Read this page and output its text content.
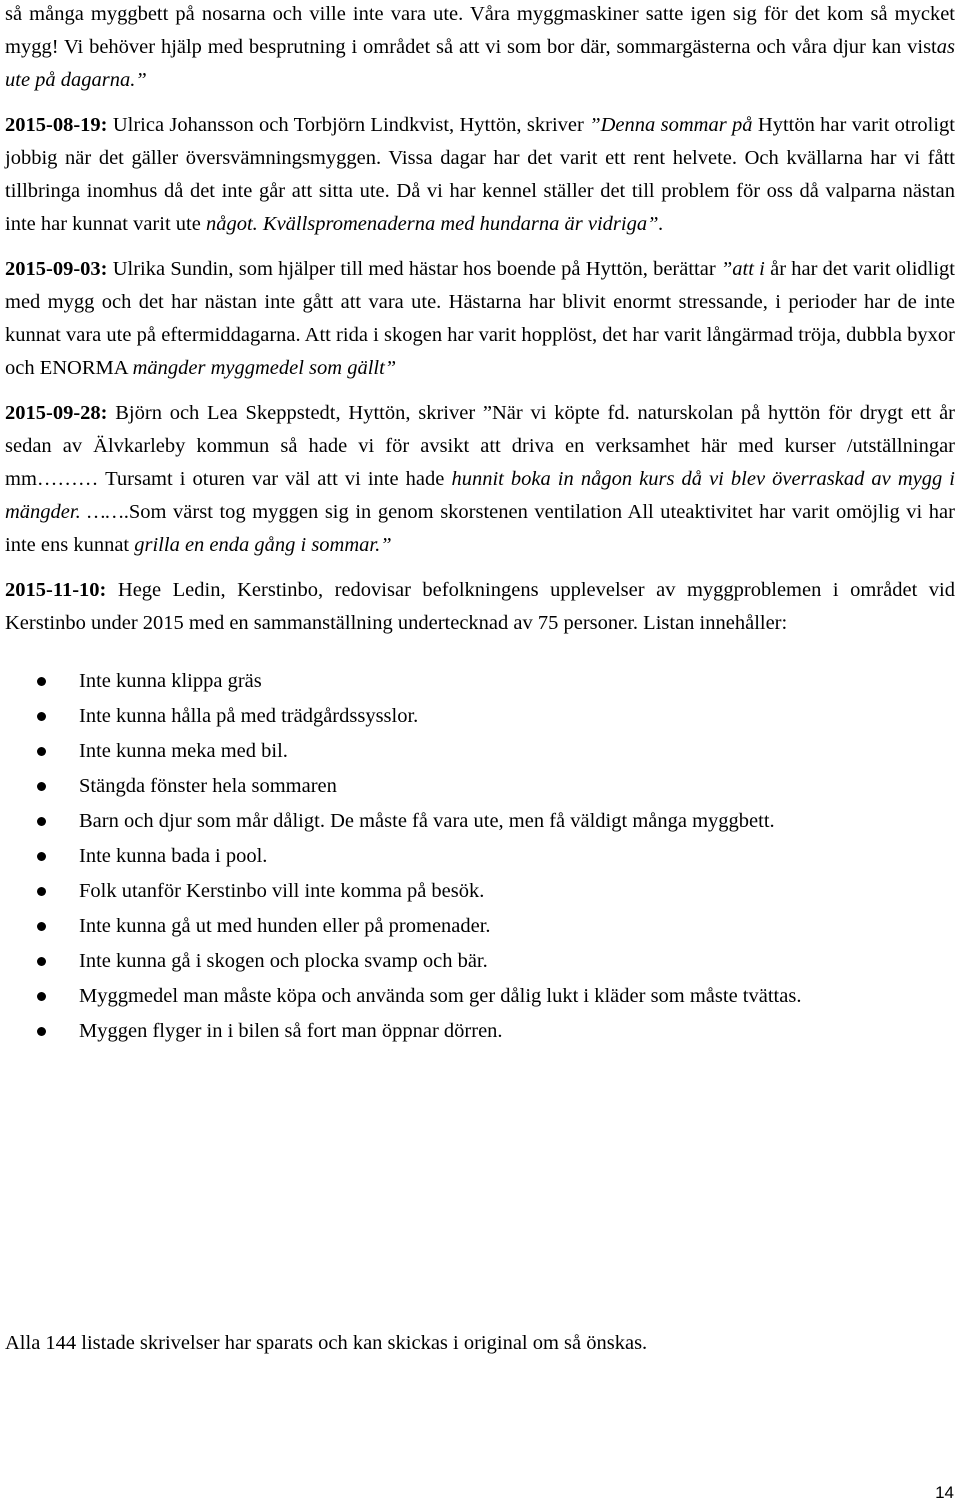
så många myggbett på nosarna och ville inte vara ute. Våra myggmaskiner satte igen sig för det kom så mycket mygg! Vi behöver hjälp med besprutning i området så att vi som bor där, sommargästerna och våra djur kan vistas ute på dagarna.”

2015-08-19: Ulrica Johansson och Torbjörn Lindkvist, Hyttön, skriver ”Denna sommar på Hyttön har varit otroligt jobbig när det gäller översvämningsmyggen. Vissa dagar har det varit ett rent helvete. Och kvällarna har vi fått tillbringa inomhus då det inte går att sitta ute. Då vi har kennel ställer det till problem för oss då valparna nästan inte har kunnat varit ute något. Kvällspromenaderna med hundarna är vidriga”.

2015-09-03: Ulrika Sundin, som hjälper till med hästar hos boende på Hyttön, berättar ”att i år har det varit olidligt med mygg och det har nästan inte gått att vara ute. Hästarna har blivit enormt stressande, i perioder har de inte kunnat vara ute på eftermiddagarna. Att rida i skogen har varit hopplöst, det har varit långärmad tröja, dubbla byxor och ENORMA mängder myggmedel som gällt”

2015-09-28: Björn och Lea Skeppstedt, Hyttön, skriver ”När vi köpte fd. naturskolan på hyttön för drygt ett år sedan av Älvkarleby kommun så hade vi för avsikt att driva en verksamhet här med kurser /utställningar mm……… Tursamt i oturen var väl att vi inte hade hunnit boka in någon kurs då vi blev överraskad av mygg i mängder. …….Som värst tog myggen sig in genom skorstenen ventilation All uteaktivitet har varit omöjlig vi har inte ens kunnat grilla en enda gång i sommar.”

2015-11-10: Hege Ledin, Kerstinbo, redovisar befolkningens upplevelser av myggproblemen i området vid Kerstinbo under 2015 med en sammanställning undertecknad av 75 personer. Listan innehåller:

Inte kunna klippa gräs
Inte kunna hålla på med trädgårdssysslor.
Inte kunna meka med bil.
Stängda fönster hela sommaren
Barn och djur som mår dåligt. De måste få vara ute, men få väldigt många myggbett.
Inte kunna bada i pool.
Folk utanför Kerstinbo vill inte komma på besök.
Inte kunna gå ut med hunden eller på promenader.
Inte kunna gå i skogen och plocka svamp och bär.
Myggmedel man måste köpa och använda som ger dålig lukt i kläder som måste tvättas.
Myggen flyger in i bilen så fort man öppnar dörren.

Alla 144 listade skrivelser har sparats och kan skickas i original om så önskas.

14
